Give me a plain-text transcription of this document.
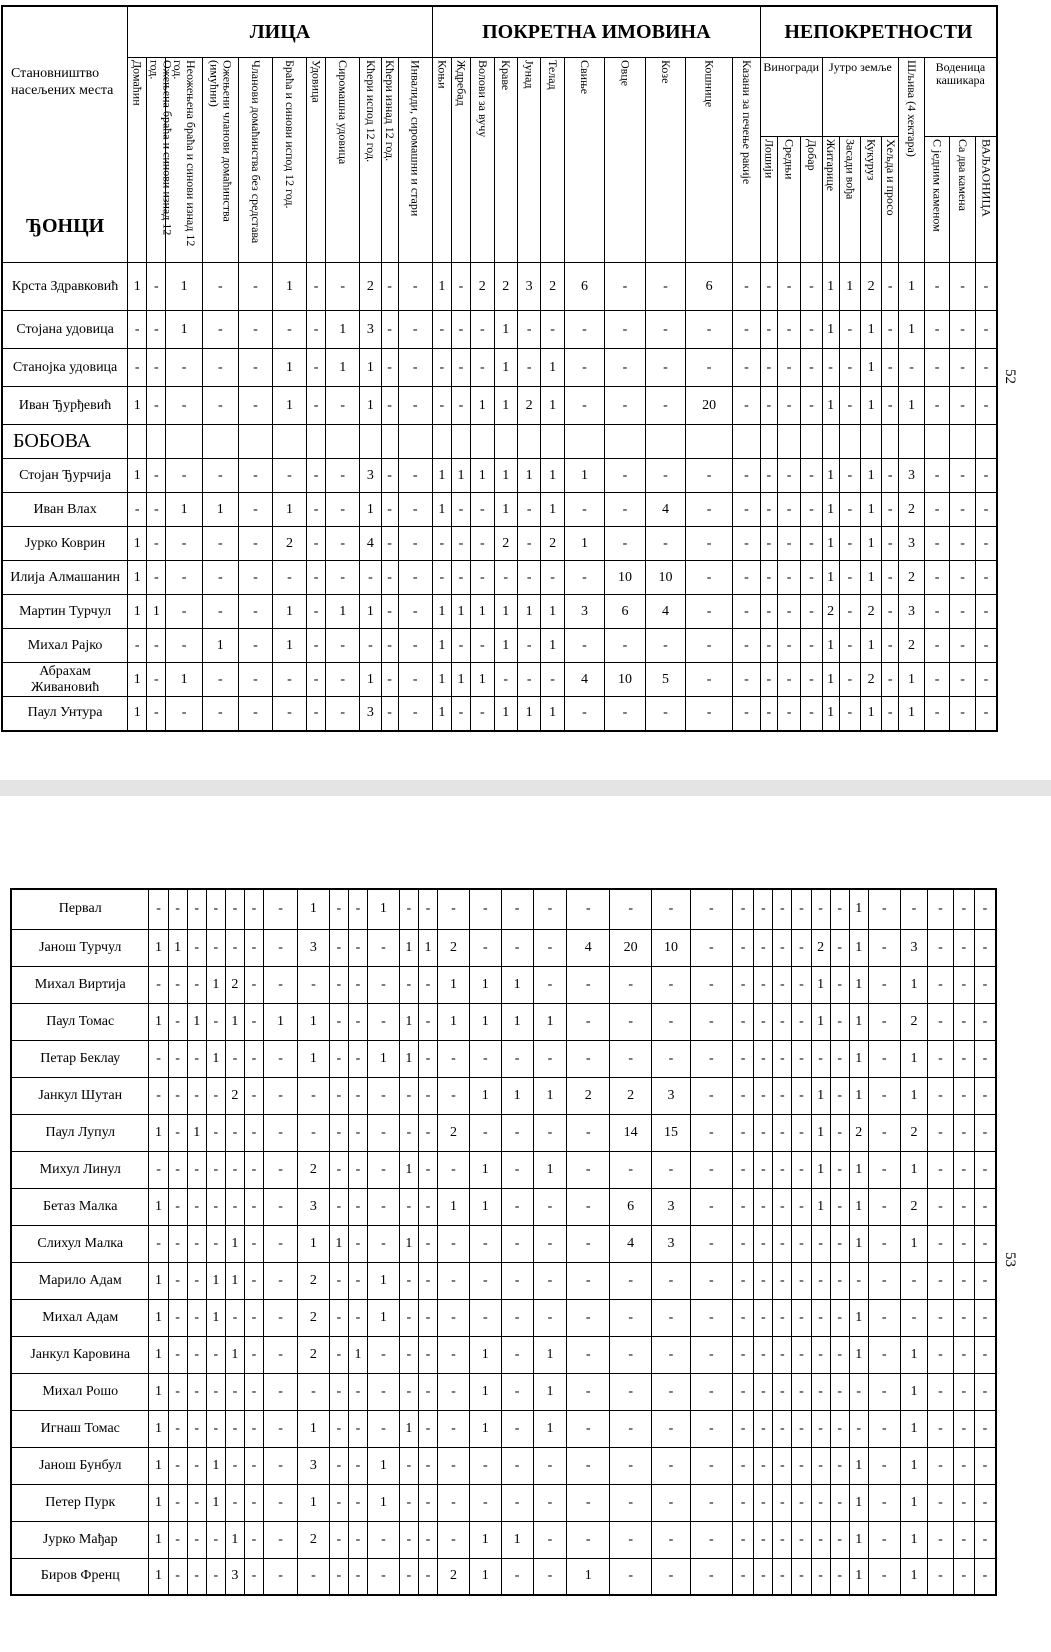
Становништво насељених места
ЂОНЦИ	ЛИЦА											ПОКРЕТНА ИМОВИНА											НЕПОКРЕТНОСТИ										

	Домаћин	Ожењена браћа и синови изнад 12 год.	Неожењена браћа и синови изнад 12 год.	Ожењени чланови домаћинства (имућни)	Чланови домаћинства без средстава	Браћа и синови испод 12 год.	Удовица	Сиромашна удовица	Кћери испод 12 год.	Кћери изнад 12 год.	Инвалиди, сиромашни и стари	Коњи	Ждребад	Волови за вучу	Краве	Јунад	Телад	Свиње	Овце	Козе	Кошнице	Казани за печење ракије	Виногради			Јутро земље				Шљива (4 хектара)	Воденица кашикара		

																							Лошији	Средњи	Добар	Житарице	Засади вођа	Кукуруз	Хељда и просо		С једним каменом	Са два камена	ВАЉАОНИЦА

Крста Здравковић	1	-	1	-	-	1	-	-	2	-	-	1	-	2	2	3	2	6	-	-	6	-	-	-	-	1	1	2	-	1	-	-	-
Стојана удовица	-	-	1	-	-	-	-	1	3	-	-	-	-	-	1	-	-	-	-	-	-	-	-	-	-	1	-	1	-	1	-	-	-
Станојка удовица	-	-	-	-	-	1	-	1	1	-	-	-	-	-	1	-	1	-	-	-	-	-	-	-	-	-	-	1	-	-	-	-	-
Иван Ђурђевић	1	-	-	-	-	1	-	-	1	-	-	-	-	1	1	2	1	-	-	-	20	-	-	-	-	1	-	1	-	1	-	-	-
БОБОВА																																	
Стојан Ђурчија	1	-	-	-	-	-	-	-	3	-	-	1	1	1	1	1	1	1	-	-	-	-	-	-	-	1	-	1	-	3	-	-	-
Иван Влах	-	-	1	1	-	1	-	-	1	-	-	1	-	-	1	-	1	-	-	4	-	-	-	-	-	1	-	1	-	2	-	-	-
Јурко Коврин	1	-	-	-	-	2	-	-	4	-	-	-	-	-	2	-	2	1	-	-	-	-	-	-	-	1	-	1	-	3	-	-	-
Илија Алмашанин	1	-	-	-	-	-	-	-	-	-	-	-	-	-	-	-	-	-	10	10	-	-	-	-	-	1	-	1	-	2	-	-	-
Мартин Турчул	1	1	-	-	-	1	-	1	1	-	-	1	1	1	1	1	1	3	6	4	-	-	-	-	-	2	-	2	-	3	-	-	-
Михал Рајко	-	-	-	1	-	1	-	-	-	-	-	1	-	-	1	-	1	-	-	-	-	-	-	-	-	1	-	1	-	2	-	-	-
Абрахам Живановић	1	-	1	-	-	-	-	-	1	-	-	1	1	1	-	-	-	4	10	5	-	-	-	-	-	1	-	2	-	1	-	-	-
Паул Унтура	1	-	-	-	-	-	-	-	3	-	-	1	-	-	1	1	1	-	-	-	-	-	-	-	-	1	-	1	-	1	-	-	-
Первал	-	-	-	-	-	-	-	1	-	-	1	-	-	-	-	-	-	-	-	-	-	-	-	-	-	-	-	1	-	-	-	-	-
Јанош Турчул	1	1	-	-	-	-	-	3	-	-	-	1	1	2	-	-	-	4	20	10	-	-	-	-	-	2	-	1	-	3	-	-	-
Михал Виртија	-	-	-	1	2	-	-	-	-	-	-	-	-	1	1	1	-	-	-	-	-	-	-	-	-	1	-	1	-	1	-	-	-
Паул Томас	1	-	1	-	1	-	1	1	-	-	-	1	-	1	1	1	1	-	-	-	-	-	-	-	-	1	-	1	-	2	-	-	-
Петар Беклау	-	-	-	1	-	-	-	1	-	-	1	1	-	-	-	-	-	-	-	-	-	-	-	-	-	-	-	1	-	1	-	-	-
Јанкул Шутан	-	-	-	-	2	-	-	-	-	-	-	-	-	-	1	1	1	2	2	3	-	-	-	-	-	1	-	1	-	1	-	-	-
Паул Лупул	1	-	1	-	-	-	-	-	-	-	-	-	-	2	-	-	-	-	14	15	-	-	-	-	-	1	-	2	-	2	-	-	-
Михул Линул	-	-	-	-	-	-	-	2	-	-	-	1	-	-	1	-	1	-	-	-	-	-	-	-	-	1	-	1	-	1	-	-	-
Бетаз Малка	1	-	-	-	-	-	-	3	-	-	-	-	-	1	1	-	-	-	6	3	-	-	-	-	-	1	-	1	-	2	-	-	-
Слихул Малка	-	-	-	-	1	-	-	1	1	-	-	1	-	-	-	-	-	-	4	3	-	-	-	-	-	-	-	1	-	1	-	-	-
Марило Адам	1	-	-	1	1	-	-	2	-	-	1	-	-	-	-	-	-	-	-	-	-	-	-	-	-	-	-	-	-	-	-	-	-
Михал Адам	1	-	-	1	-	-	-	2	-	-	1	-	-	-	-	-	-	-	-	-	-	-	-	-	-	-	-	1	-	-	-	-	-
Јанкул Каровина	1	-	-	-	1	-	-	2	-	1	-	-	-	-	1	-	1	-	-	-	-	-	-	-	-	-	-	1	-	1	-	-	-
Михал Рошо	1	-	-	-	-	-	-	-	-	-	-	-	-	-	1	-	1	-	-	-	-	-	-	-	-	-	-	-	-	1	-	-	-
Игнаш Томас	1	-	-	-	-	-	-	1	-	-	-	1	-	-	1	-	1	-	-	-	-	-	-	-	-	-	-	-	-	1	-	-	-
Јанош Бунбул	1	-	-	1	-	-	-	3	-	-	1	-	-	-	-	-	-	-	-	-	-	-	-	-	-	-	-	1	-	1	-	-	-
Петер Пурк	1	-	-	1	-	-	-	1	-	-	1	-	-	-	-	-	-	-	-	-	-	-	-	-	-	-	-	1	-	1	-	-	-
Јурко Мађар	1	-	-	-	1	-	-	2	-	-	-	-	-	-	1	1	-	-	-	-	-	-	-	-	-	-	-	1	-	1	-	-	-
Биров Френц	1	-	-	-	3	-	-	-	-	-	-	-	-	2	1	-	-	1	-	-	-	-	-	-	-	-	-	1	-	1	-	-	-
52
53
